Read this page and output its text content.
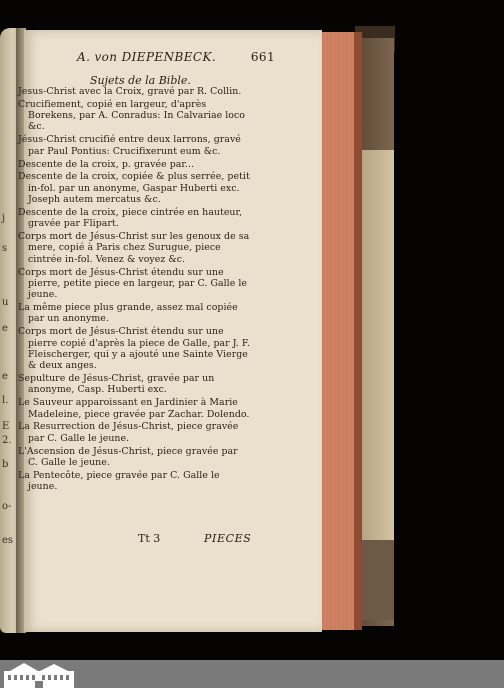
j
s
u
e
e
l.
E
2.
b
o-
es
A. von DIEPENBECK.	661
Sujets de la Bible.
Jesus-Christ avec la Croix, gravé par R. Collin.
Crucifiement, copié en largeur, d'après Borekens, par A. Conradus: In Calvariae loco &c.
Jésus-Christ crucifié entre deux larrons, gravé par Paul Pontius: Crucifixerunt eum &c.
Descente de la croix, p. gravée par...
Descente de la croix, copiée & plus serrée, petit in-fol. par un anonyme, Gaspar Huberti exc. Joseph autem mercatus &c.
Descente de la croix, piece cintrée en hauteur, gravée par Flipart.
Corps mort de Jésus-Christ sur les genoux de sa mere, copié à Paris chez Surugue, piece cintrée in-fol. Venez & voyez &c.
Corps mort de Jésus-Christ étendu sur une pierre, petite piece en largeur, par C. Galle le jeune.
La même piece plus grande, assez mal copiée par un anonyme.
Corps mort de Jésus-Christ étendu sur une pierre copié d'après la piece de Galle, par J. F. Fleischerger, qui y a ajouté une Sainte Vierge & deux anges.
Sepulture de Jésus-Christ, gravée par un anonyme, Casp. Huberti exc.
Le Sauveur apparoissant en Jardinier à Marie Madeleine, piece gravée par Zachar. Dolendo.
La Resurrection de Jésus-Christ, piece gravée par C. Galle le jeune.
L'Ascension de Jésus-Christ, piece gravée par C. Galle le jeune.
La Pentecôte, piece gravée par C. Galle le jeune.
Tt 3	PIECES
